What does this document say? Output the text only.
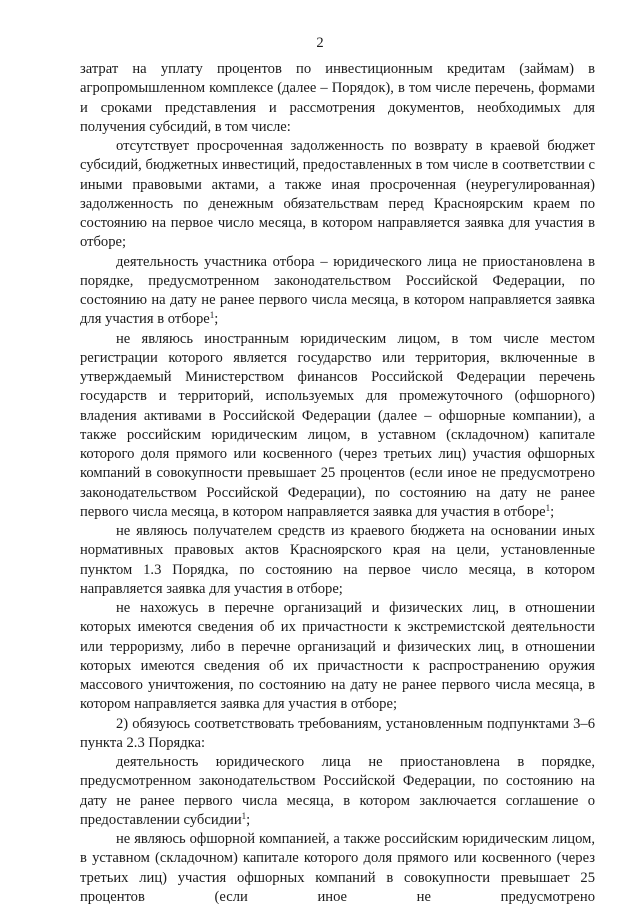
2

затрат на уплату процентов по инвестиционным кредитам (займам) в агропромышленном комплексе (далее – Порядок), в том числе перечень, формами и сроками представления и рассмотрения документов, необходимых для получения субсидий, в том числе:

отсутствует просроченная задолженность по возврату в краевой бюджет субсидий, бюджетных инвестиций, предоставленных в том числе в соответствии с иными правовыми актами, а также иная просроченная (неурегулированная) задолженность по денежным обязательствам перед Красноярским краем по состоянию на первое число месяца, в котором направляется заявка для участия в отборе;

деятельность участника отбора – юридического лица не приостановлена в порядке, предусмотренном законодательством Российской Федерации, по состоянию на дату не ранее первого числа месяца, в котором направляется заявка для участия в отборе$^1$;

не являюсь иностранным юридическим лицом, в том числе местом регистрации которого является государство или территория, включенные в утверждаемый Министерством финансов Российской Федерации перечень государств и территорий, используемых для промежуточного (офшорного) владения активами в Российской Федерации (далее – офшорные компании), а также российским юридическим лицом, в уставном (складочном) капитале которого доля прямого или косвенного (через третьих лиц) участия офшорных компаний в совокупности превышает 25 процентов (если иное не предусмотрено законодательством Российской Федерации), по состоянию на дату не ранее первого числа месяца, в котором направляется заявка для участия в отборе$^1$;

не являюсь получателем средств из краевого бюджета на основании иных нормативных правовых актов Красноярского края на цели, установленные пунктом 1.3 Порядка, по состоянию на первое число месяца, в котором направляется заявка для участия в отборе;

не нахожусь в перечне организаций и физических лиц, в отношении которых имеются сведения об их причастности к экстремистской деятельности или терроризму, либо в перечне организаций и физических лиц, в отношении которых имеются сведения об их причастности к распространению оружия массового уничтожения, по состоянию на дату не ранее первого числа месяца, в котором направляется заявка для участия в отборе;

2) обязуюсь соответствовать требованиям, установленным подпунктами 3–6 пункта 2.3 Порядка:

деятельность юридического лица не приостановлена в порядке, предусмотренном законодательством Российской Федерации, по состоянию на дату не ранее первого числа месяца, в котором заключается соглашение о предоставлении субсидии$^1$;

не являюсь офшорной компанией, а также российским юридическим лицом, в уставном (складочном) капитале которого доля прямого или косвенного (через третьих лиц) участия офшорных компаний в совокупности превышает 25 процентов (если иное не предусмотрено
